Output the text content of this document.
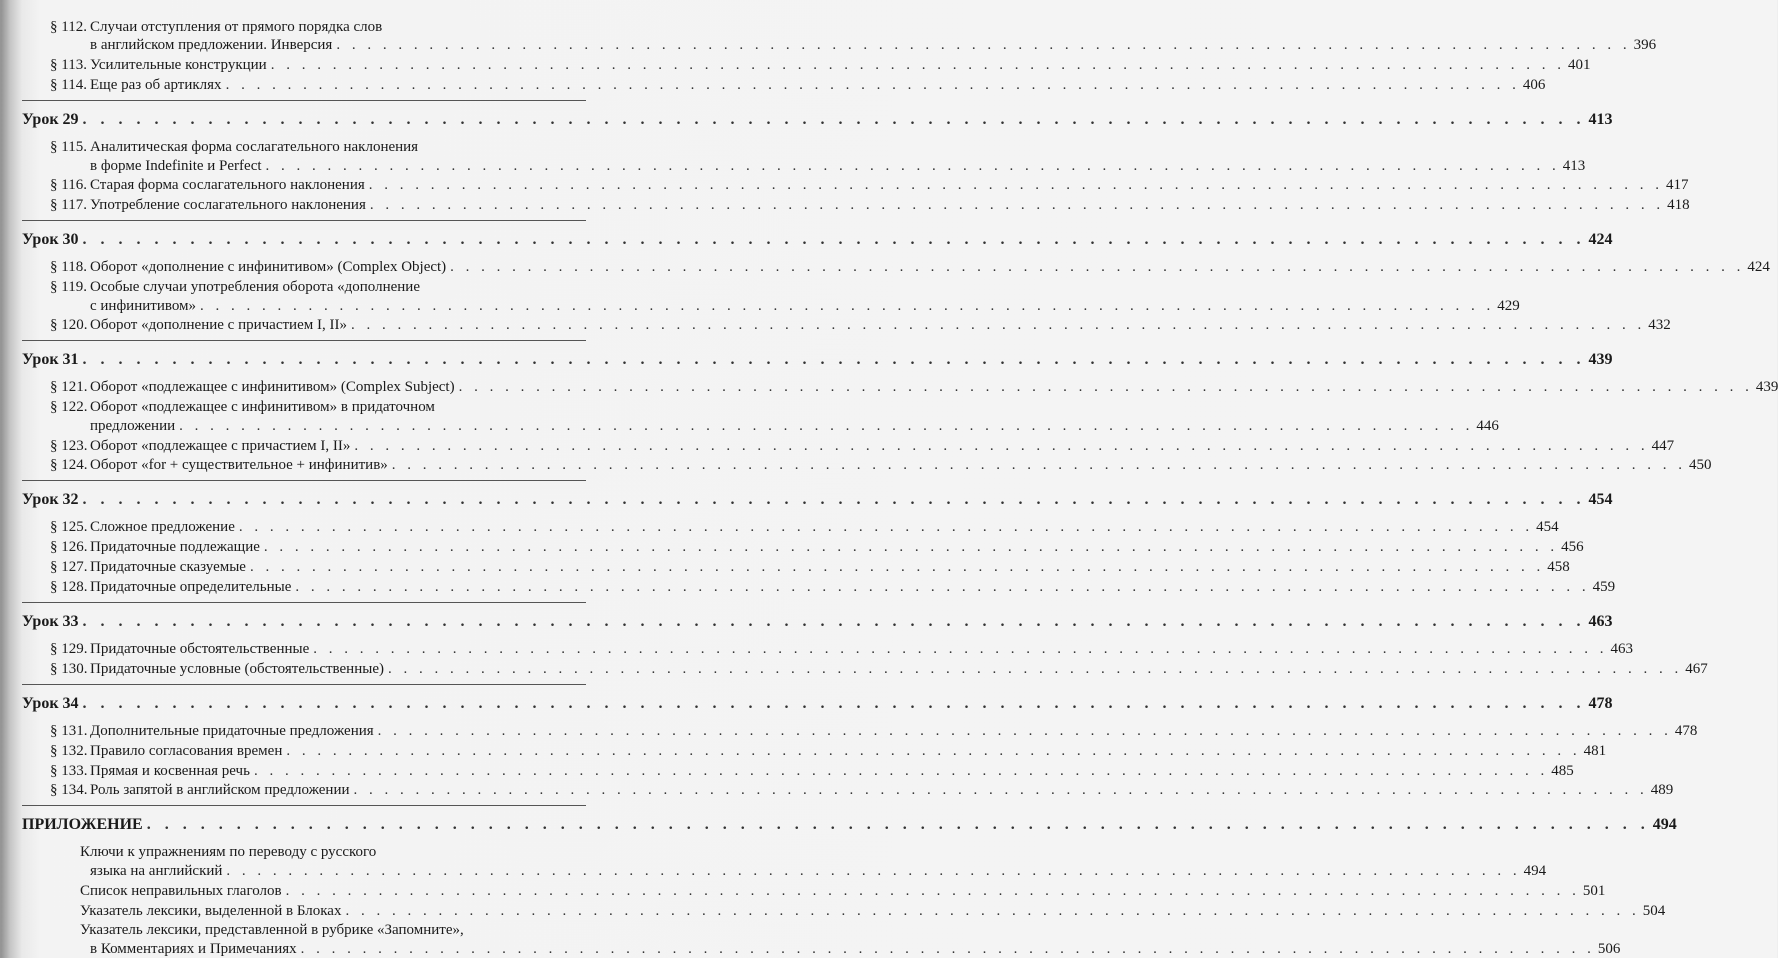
§ 112. Случаи отступления от прямого порядка слов
в английском предложении. Инверсия . . . . . . . . . . . . . . . . . . . . . . . . . . . . . . . . . . . . . . . . . . . . . . . . . . . . . . . . . . . . . . . . . . . . . . . . . . . . . . . . . . . . 396
§ 113. Усилительные конструкции . . . . . . . . . . . . . . . . . . . . . . . . . . . . . . . . . . . . . . . . . . . . . . . . . . . . . . . . . . . . . . . . . . . . . . . . . . . . . . . . . . . . 401
§ 114. Еще раз об артиклях . . . . . . . . . . . . . . . . . . . . . . . . . . . . . . . . . . . . . . . . . . . . . . . . . . . . . . . . . . . . . . . . . . . . . . . . . . . . . . . . . . . . 406
Урок 29 . . . . . . . . . . . . . . . . . . . . . . . . . . . . . . . . . . . . . . . . . . . . . . . . . . . . . . . . . . . . . . . . . . . . . . . . . . . . . . . . . . . . 413
§ 115. Аналитическая форма сослагательного наклонения
в форме Indefinite и Perfect . . . . . . . . . . . . . . . . . . . . . . . . . . . . . . . . . . . . . . . . . . . . . . . . . . . . . . . . . . . . . . . . . . . . . . . . . . . . . . . . . . . . 413
§ 116. Старая форма сослагательного наклонения . . . . . . . . . . . . . . . . . . . . . . . . . . . . . . . . . . . . . . . . . . . . . . . . . . . . . . . . . . . . . . . . . . . . . . . . . . . . . . . . . . . . 417
§ 117. Употребление сослагательного наклонения . . . . . . . . . . . . . . . . . . . . . . . . . . . . . . . . . . . . . . . . . . . . . . . . . . . . . . . . . . . . . . . . . . . . . . . . . . . . . . . . . . . . 418
Урок 30 . . . . . . . . . . . . . . . . . . . . . . . . . . . . . . . . . . . . . . . . . . . . . . . . . . . . . . . . . . . . . . . . . . . . . . . . . . . . . . . . . . . . 424
§ 118. Оборот «дополнение с инфинитивом» (Complex Object) . . . . . . . . . . . . . . . . . . . . . . . . . . . . . . . . . . . . . . . . . . . . . . . . . . . . . . . . . . . . . . . . . . . . . . . . . . . . . . . . . . . . 424
§ 119. Особые случаи употребления оборота «дополнение
с инфинитивом» . . . . . . . . . . . . . . . . . . . . . . . . . . . . . . . . . . . . . . . . . . . . . . . . . . . . . . . . . . . . . . . . . . . . . . . . . . . . . . . . . . . . 429
§ 120. Оборот «дополнение с причастием I, II» . . . . . . . . . . . . . . . . . . . . . . . . . . . . . . . . . . . . . . . . . . . . . . . . . . . . . . . . . . . . . . . . . . . . . . . . . . . . . . . . . . . . 432
Урок 31 . . . . . . . . . . . . . . . . . . . . . . . . . . . . . . . . . . . . . . . . . . . . . . . . . . . . . . . . . . . . . . . . . . . . . . . . . . . . . . . . . . . . 439
§ 121. Оборот «подлежащее с инфинитивом» (Complex Subject) . . . . . . . . . . . . . . . . . . . . . . . . . . . . . . . . . . . . . . . . . . . . . . . . . . . . . . . . . . . . . . . . . . . . . . . . . . . . . . . . . . . . 439
§ 122. Оборот «подлежащее с инфинитивом» в придаточном
предложении . . . . . . . . . . . . . . . . . . . . . . . . . . . . . . . . . . . . . . . . . . . . . . . . . . . . . . . . . . . . . . . . . . . . . . . . . . . . . . . . . . . . 446
§ 123. Оборот «подлежащее с причастием I, II» . . . . . . . . . . . . . . . . . . . . . . . . . . . . . . . . . . . . . . . . . . . . . . . . . . . . . . . . . . . . . . . . . . . . . . . . . . . . . . . . . . . . 447
§ 124. Оборот «for + существительное + инфинитив» . . . . . . . . . . . . . . . . . . . . . . . . . . . . . . . . . . . . . . . . . . . . . . . . . . . . . . . . . . . . . . . . . . . . . . . . . . . . . . . . . . . . 450
Урок 32 . . . . . . . . . . . . . . . . . . . . . . . . . . . . . . . . . . . . . . . . . . . . . . . . . . . . . . . . . . . . . . . . . . . . . . . . . . . . . . . . . . . . 454
§ 125. Сложное предложение . . . . . . . . . . . . . . . . . . . . . . . . . . . . . . . . . . . . . . . . . . . . . . . . . . . . . . . . . . . . . . . . . . . . . . . . . . . . . . . . . . . . 454
§ 126. Придаточные подлежащие . . . . . . . . . . . . . . . . . . . . . . . . . . . . . . . . . . . . . . . . . . . . . . . . . . . . . . . . . . . . . . . . . . . . . . . . . . . . . . . . . . . . 456
§ 127. Придаточные сказуемые . . . . . . . . . . . . . . . . . . . . . . . . . . . . . . . . . . . . . . . . . . . . . . . . . . . . . . . . . . . . . . . . . . . . . . . . . . . . . . . . . . . . 458
§ 128. Придаточные определительные . . . . . . . . . . . . . . . . . . . . . . . . . . . . . . . . . . . . . . . . . . . . . . . . . . . . . . . . . . . . . . . . . . . . . . . . . . . . . . . . . . . . 459
Урок 33 . . . . . . . . . . . . . . . . . . . . . . . . . . . . . . . . . . . . . . . . . . . . . . . . . . . . . . . . . . . . . . . . . . . . . . . . . . . . . . . . . . . . 463
§ 129. Придаточные обстоятельственные . . . . . . . . . . . . . . . . . . . . . . . . . . . . . . . . . . . . . . . . . . . . . . . . . . . . . . . . . . . . . . . . . . . . . . . . . . . . . . . . . . . . 463
§ 130. Придаточные условные (обстоятельственные) . . . . . . . . . . . . . . . . . . . . . . . . . . . . . . . . . . . . . . . . . . . . . . . . . . . . . . . . . . . . . . . . . . . . . . . . . . . . . . . . . . . . 467
Урок 34 . . . . . . . . . . . . . . . . . . . . . . . . . . . . . . . . . . . . . . . . . . . . . . . . . . . . . . . . . . . . . . . . . . . . . . . . . . . . . . . . . . . . 478
§ 131. Дополнительные придаточные предложения . . . . . . . . . . . . . . . . . . . . . . . . . . . . . . . . . . . . . . . . . . . . . . . . . . . . . . . . . . . . . . . . . . . . . . . . . . . . . . . . . . . . 478
§ 132. Правило согласования времен . . . . . . . . . . . . . . . . . . . . . . . . . . . . . . . . . . . . . . . . . . . . . . . . . . . . . . . . . . . . . . . . . . . . . . . . . . . . . . . . . . . . 481
§ 133. Прямая и косвенная речь . . . . . . . . . . . . . . . . . . . . . . . . . . . . . . . . . . . . . . . . . . . . . . . . . . . . . . . . . . . . . . . . . . . . . . . . . . . . . . . . . . . . 485
§ 134. Роль запятой в английском предложении . . . . . . . . . . . . . . . . . . . . . . . . . . . . . . . . . . . . . . . . . . . . . . . . . . . . . . . . . . . . . . . . . . . . . . . . . . . . . . . . . . . . 489
ПРИЛОЖЕНИЕ . . . . . . . . . . . . . . . . . . . . . . . . . . . . . . . . . . . . . . . . . . . . . . . . . . . . . . . . . . . . . . . . . . . . . . . . . . . . . . . . . . . . 494
Ключи к упражнениям по переводу с русского
языка на английский . . . . . . . . . . . . . . . . . . . . . . . . . . . . . . . . . . . . . . . . . . . . . . . . . . . . . . . . . . . . . . . . . . . . . . . . . . . . . . . . . . . . 494
Список неправильных глаголов . . . . . . . . . . . . . . . . . . . . . . . . . . . . . . . . . . . . . . . . . . . . . . . . . . . . . . . . . . . . . . . . . . . . . . . . . . . . . . . . . . . . 501
Указатель лексики, выделенной в Блоках . . . . . . . . . . . . . . . . . . . . . . . . . . . . . . . . . . . . . . . . . . . . . . . . . . . . . . . . . . . . . . . . . . . . . . . . . . . . . . . . . . . . 504
Указатель лексики, представленной в рубрике «Запомните»,
в Комментариях и Примечаниях . . . . . . . . . . . . . . . . . . . . . . . . . . . . . . . . . . . . . . . . . . . . . . . . . . . . . . . . . . . . . . . . . . . . . . . . . . . . . . . . . . . . 506
